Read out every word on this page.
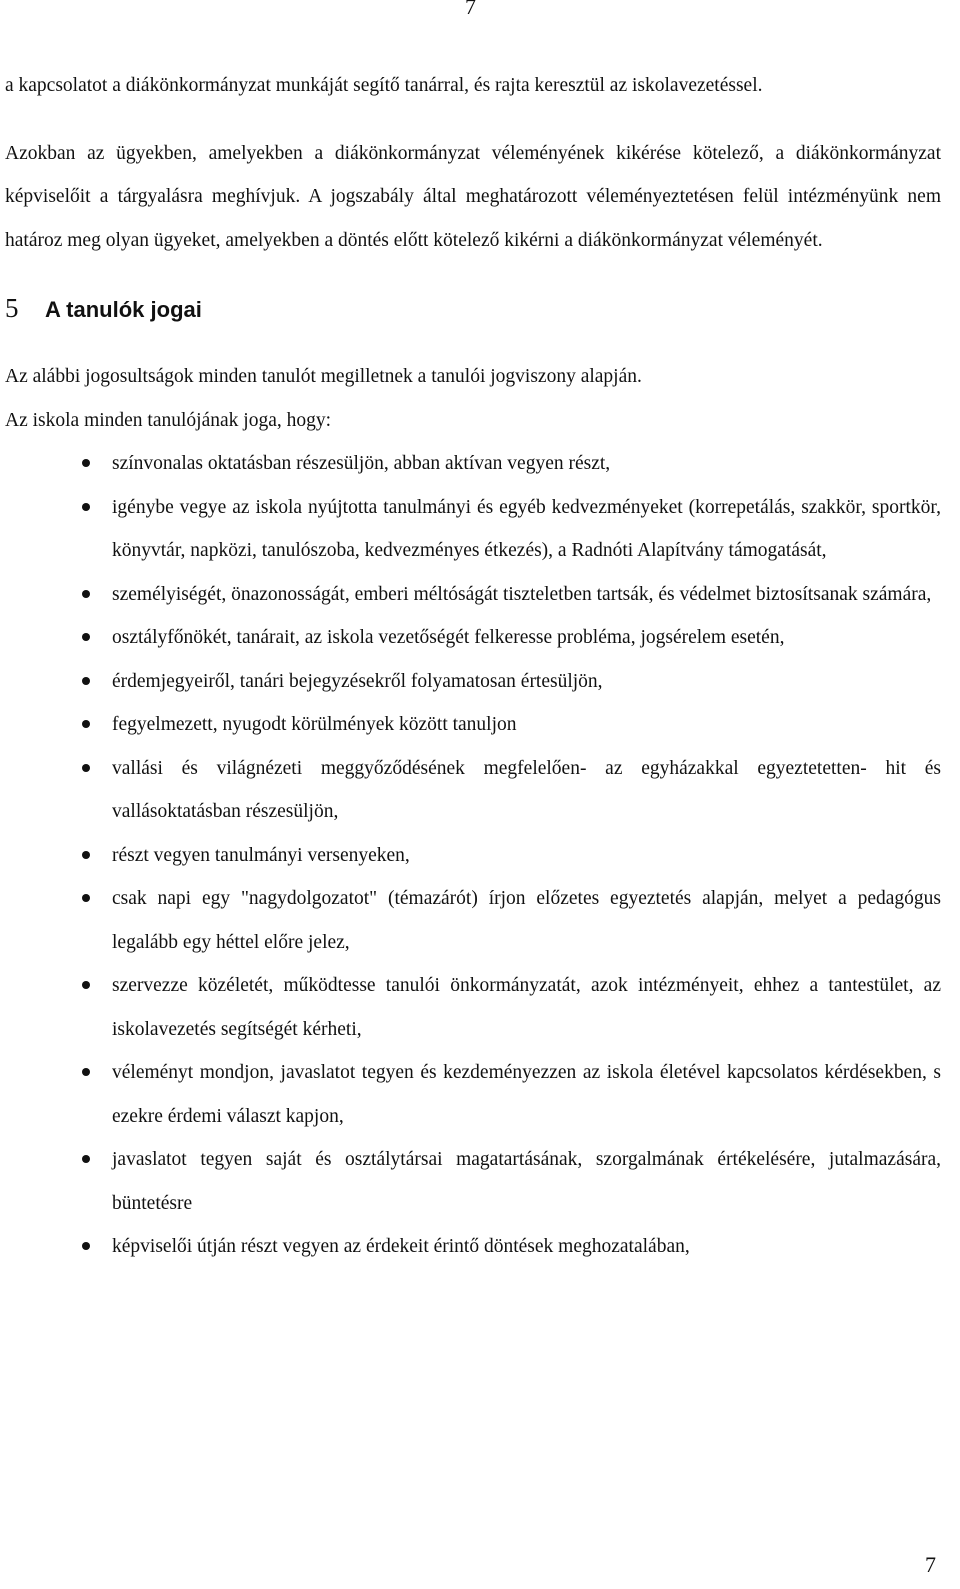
7

a kapcsolatot a diákönkormányzat munkáját segítő tanárral, és rajta keresztül az iskolavezetéssel.

Azokban az ügyekben, amelyekben a diákönkormányzat véleményének kikérése kötelező, a diákönkormányzat képviselőit a tárgyalásra meghívjuk. A jogszabály által meghatározott véleményeztetésen felül intézményünk nem határoz meg olyan ügyeket, amelyekben a döntés előtt kötelező kikérni a diákönkormányzat véleményét.

5	A tanulók jogai

Az alábbi jogosultságok minden tanulót megilletnek a tanulói jogviszony alapján.

Az iskola minden tanulójának joga, hogy:

színvonalas oktatásban részesüljön, abban aktívan vegyen részt,
igénybe vegye az iskola nyújtotta tanulmányi és egyéb kedvezményeket (korrepetálás, szakkör, sportkör, könyvtár, napközi, tanulószoba, kedvezményes étkezés), a Radnóti Alapítvány támogatását,
személyiségét, önazonosságát, emberi méltóságát tiszteletben tartsák, és védelmet biztosítsanak számára,
osztályfőnökét, tanárait, az iskola vezetőségét felkeresse probléma, jogsérelem esetén,
érdemjegyeiről, tanári bejegyzésekről folyamatosan értesüljön,
fegyelmezett, nyugodt körülmények között tanuljon
vallási és világnézeti meggyőződésének megfelelően- az egyházakkal egyeztetetten- hit és vallásoktatásban részesüljön,
részt vegyen tanulmányi versenyeken,
csak napi egy "nagydolgozatot" (témazárót) írjon előzetes egyeztetés alapján, melyet a pedagógus legalább egy héttel előre jelez,
szervezze közéletét, működtesse tanulói önkormányzatát, azok intézményeit, ehhez a tantestület, az iskolavezetés segítségét kérheti,
véleményt mondjon, javaslatot tegyen és kezdeményezzen az iskola életével kapcsolatos kérdésekben, s ezekre érdemi választ kapjon,
javaslatot tegyen saját és osztálytársai magatartásának, szorgalmának értékelésére, jutalmazására, büntetésre
képviselői útján részt vegyen az érdekeit érintő döntések meghozatalában,
7
